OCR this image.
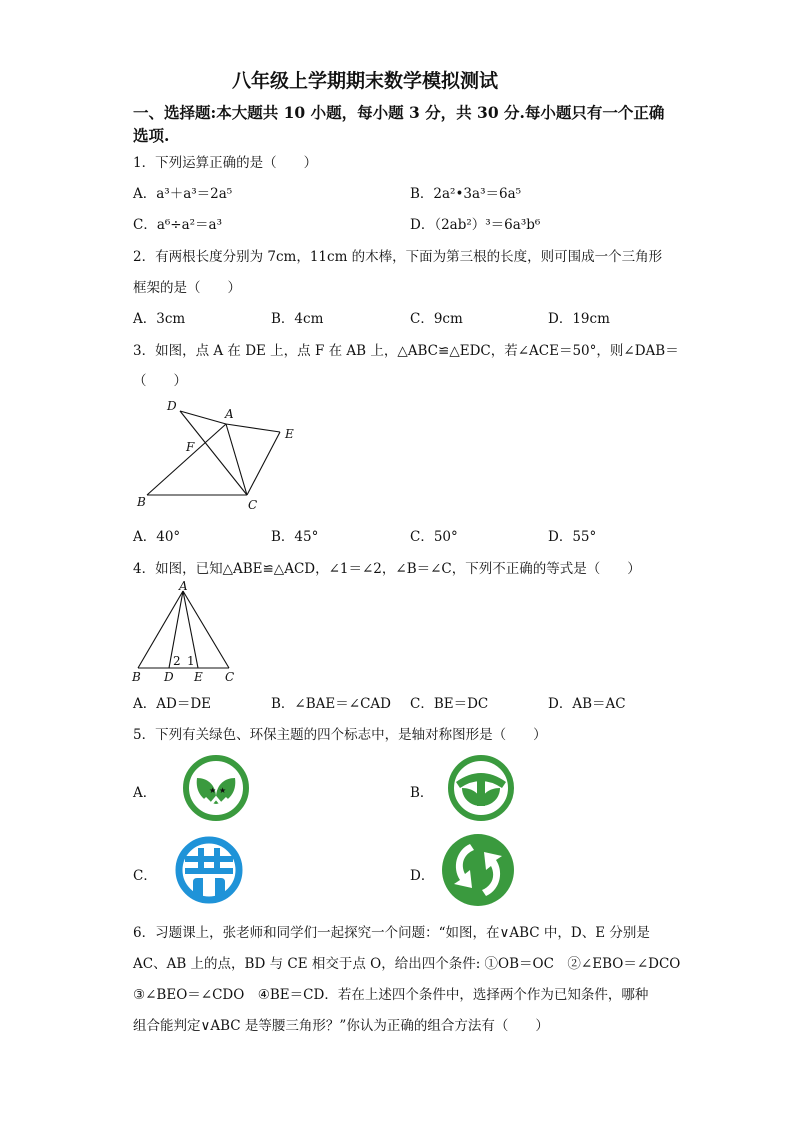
八年级上学期期末数学模拟测试
一、选择题:本大题共 10 小题，每小题 3 分，共 30 分.每小题只有一个正确
选项.
1．下列运算正确的是（　　）
A．a³＋a³＝2a⁵	B．2a²•3a³＝6a⁵
C．a⁶÷a²＝a³	D．（2ab²）³＝6a³b⁶
2．有两根长度分别为 7cm，11cm 的木棒，下面为第三根的长度，则可围成一个三角形
框架的是（　　）
A．3cm	B．4cm	C．9cm	D．19cm
3．如图，点 A 在 DE 上，点 F 在 AB 上，△ABC≌△EDC，若∠ACE＝50°，则∠DAB＝
（　　）
D
A
E
F
B	C
A．40°	B．45°	C．50°	D．55°
4．如图，已知△ABE≌△ACD，∠1＝∠2，∠B＝∠C，下列不正确的等式是（　　）
A
B D E C
2 1
A．AD＝DE	B．∠BAE＝∠CAD C．BE＝DC	D．AB＝AC
5．下列有关绿色、环保主题的四个标志中，是轴对称图形是（　　）
A．	★ ★	B．
C．	D．
6．习题课上，张老师和同学们一起探究一个问题：“如图，在∨ABC 中，D、E 分别是
AC、AB 上的点，BD 与 CE 相交于点 O，给出四个条件: ①OB＝OC　②∠EBO＝∠DCO
③∠BEO＝∠CDO　④BE＝CD．若在上述四个条件中，选择两个作为已知条件，哪种
组合能判定∨ABC 是等腰三角形？”你认为正确的组合方法有（　　）
